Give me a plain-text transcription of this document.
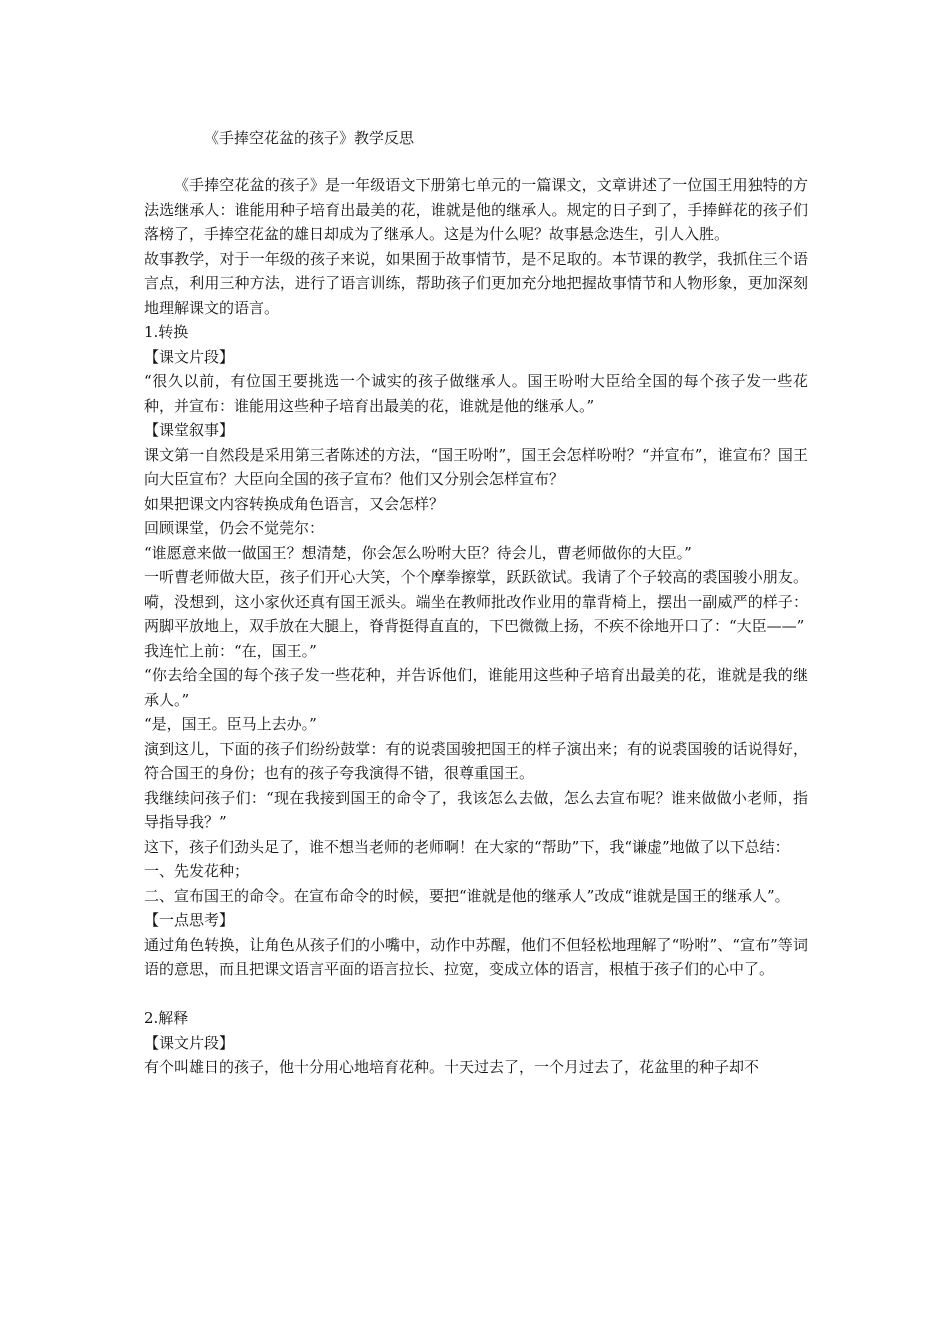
《手捧空花盆的孩子》教学反思

《手捧空花盆的孩子》是一年级语文下册第七单元的一篇课文，文章讲述了一位国王用独特的方法选继承人：谁能用种子培育出最美的花，谁就是他的继承人。规定的日子到了，手捧鲜花的孩子们落榜了，手捧空花盆的雄日却成为了继承人。这是为什么呢？故事悬念迭生，引人入胜。

故事教学，对于一年级的孩子来说，如果囿于故事情节，是不足取的。本节课的教学，我抓住三个语言点，利用三种方法，进行了语言训练，帮助孩子们更加充分地把握故事情节和人物形象，更加深刻地理解课文的语言。

1.转换

【课文片段】

“很久以前，有位国王要挑选一个诚实的孩子做继承人。国王吩咐大臣给全国的每个孩子发一些花种，并宣布：谁能用这些种子培育出最美的花，谁就是他的继承人。”

【课堂叙事】

课文第一自然段是采用第三者陈述的方法，“国王吩咐”，国王会怎样吩咐？“并宣布”，谁宣布？国王向大臣宣布？大臣向全国的孩子宣布？他们又分别会怎样宣布？

如果把课文内容转换成角色语言，又会怎样？

回顾课堂，仍会不觉莞尔：

“谁愿意来做一做国王？想清楚，你会怎么吩咐大臣？待会儿，曹老师做你的大臣。”

一听曹老师做大臣，孩子们开心大笑，个个摩拳擦掌，跃跃欲试。我请了个子较高的裘国骏小朋友。嗬，没想到，这小家伙还真有国王派头。端坐在教师批改作业用的靠背椅上，摆出一副威严的样子：两脚平放地上，双手放在大腿上，脊背挺得直直的，下巴微微上扬，不疾不徐地开口了：“大臣——”

我连忙上前：“在，国王。”

“你去给全国的每个孩子发一些花种，并告诉他们，谁能用这些种子培育出最美的花，谁就是我的继承人。”

“是，国王。臣马上去办。”

演到这儿，下面的孩子们纷纷鼓掌：有的说裘国骏把国王的样子演出来；有的说裘国骏的话说得好，符合国王的身份；也有的孩子夸我演得不错，很尊重国王。

我继续问孩子们：“现在我接到国王的命令了，我该怎么去做，怎么去宣布呢？谁来做做小老师，指导指导我？”

这下，孩子们劲头足了，谁不想当老师的老师啊！在大家的“帮助”下，我“谦虚”地做了以下总结：

一、先发花种；

二、宣布国王的命令。在宣布命令的时候，要把“谁就是他的继承人”改成“谁就是国王的继承人”。

【一点思考】

通过角色转换，让角色从孩子们的小嘴中，动作中苏醒，他们不但轻松地理解了“吩咐”、“宣布”等词语的意思，而且把课文语言平面的语言拉长、拉宽，变成立体的语言，根植于孩子们的心中了。

2.解释

【课文片段】

有个叫雄日的孩子，他十分用心地培育花种。十天过去了，一个月过去了，花盆里的种子却不
